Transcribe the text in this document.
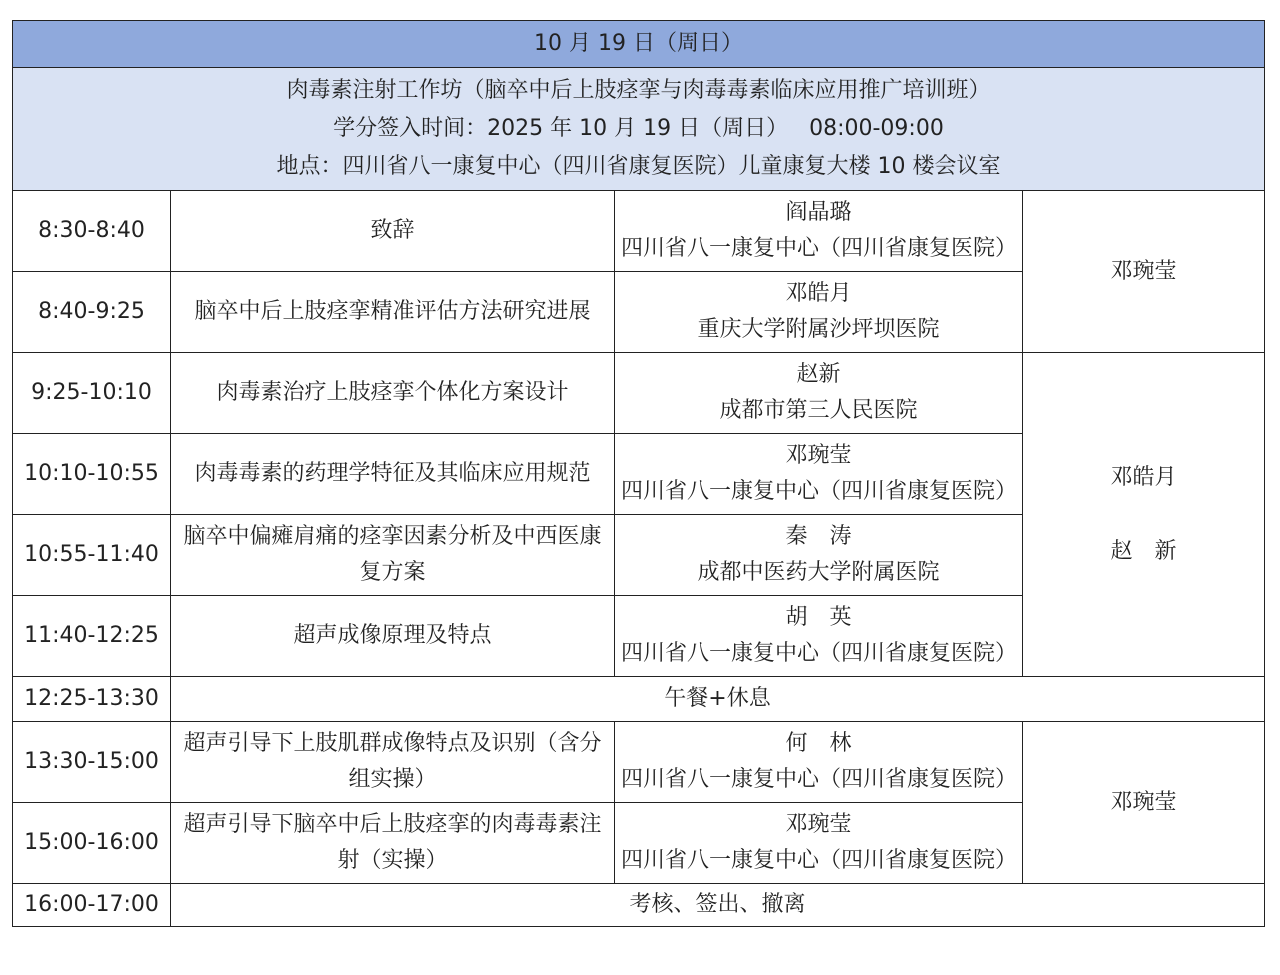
10 月 19 日（周日）			

肉毒素注射工作坊（脑卒中后上肢痉挛与肉毒毒素临床应用推广培训班）
学分签入时间：2025 年 10 月 19 日（周日）   08:00-09:00
地点：四川省八一康复中心（四川省康复医院）儿童康复大楼 10 楼会议室			

8:30-8:40	致辞	阎晶璐
四川省八一康复中心（四川省康复医院）	邓琬莹
8:40-9:25	脑卒中后上肢痉挛精准评估方法研究进展	邓皓月
重庆大学附属沙坪坝医院	

9:25-10:10	肉毒素治疗上肢痉挛个体化方案设计	赵新
成都市第三人民医院	邓皓月
赵　新

10:10-10:55	肉毒毒素的药理学特征及其临床应用规范	邓琬莹
四川省八一康复中心（四川省康复医院）	

10:55-11:40	脑卒中偏瘫肩痛的痉挛因素分析及中西医康复方案	秦　涛
成都中医药大学附属医院	

11:40-12:25	超声成像原理及特点	胡　英
四川省八一康复中心（四川省康复医院）	

12:25-13:30	午餐+休息		
13:30-15:00	超声引导下上肢肌群成像特点及识别（含分组实操）	何　林
四川省八一康复中心（四川省康复医院）	邓琬莹
15:00-16:00	超声引导下脑卒中后上肢痉挛的肉毒毒素注射（实操）	邓琬莹
四川省八一康复中心（四川省康复医院）	

16:00-17:00	考核、签出、撤离		
